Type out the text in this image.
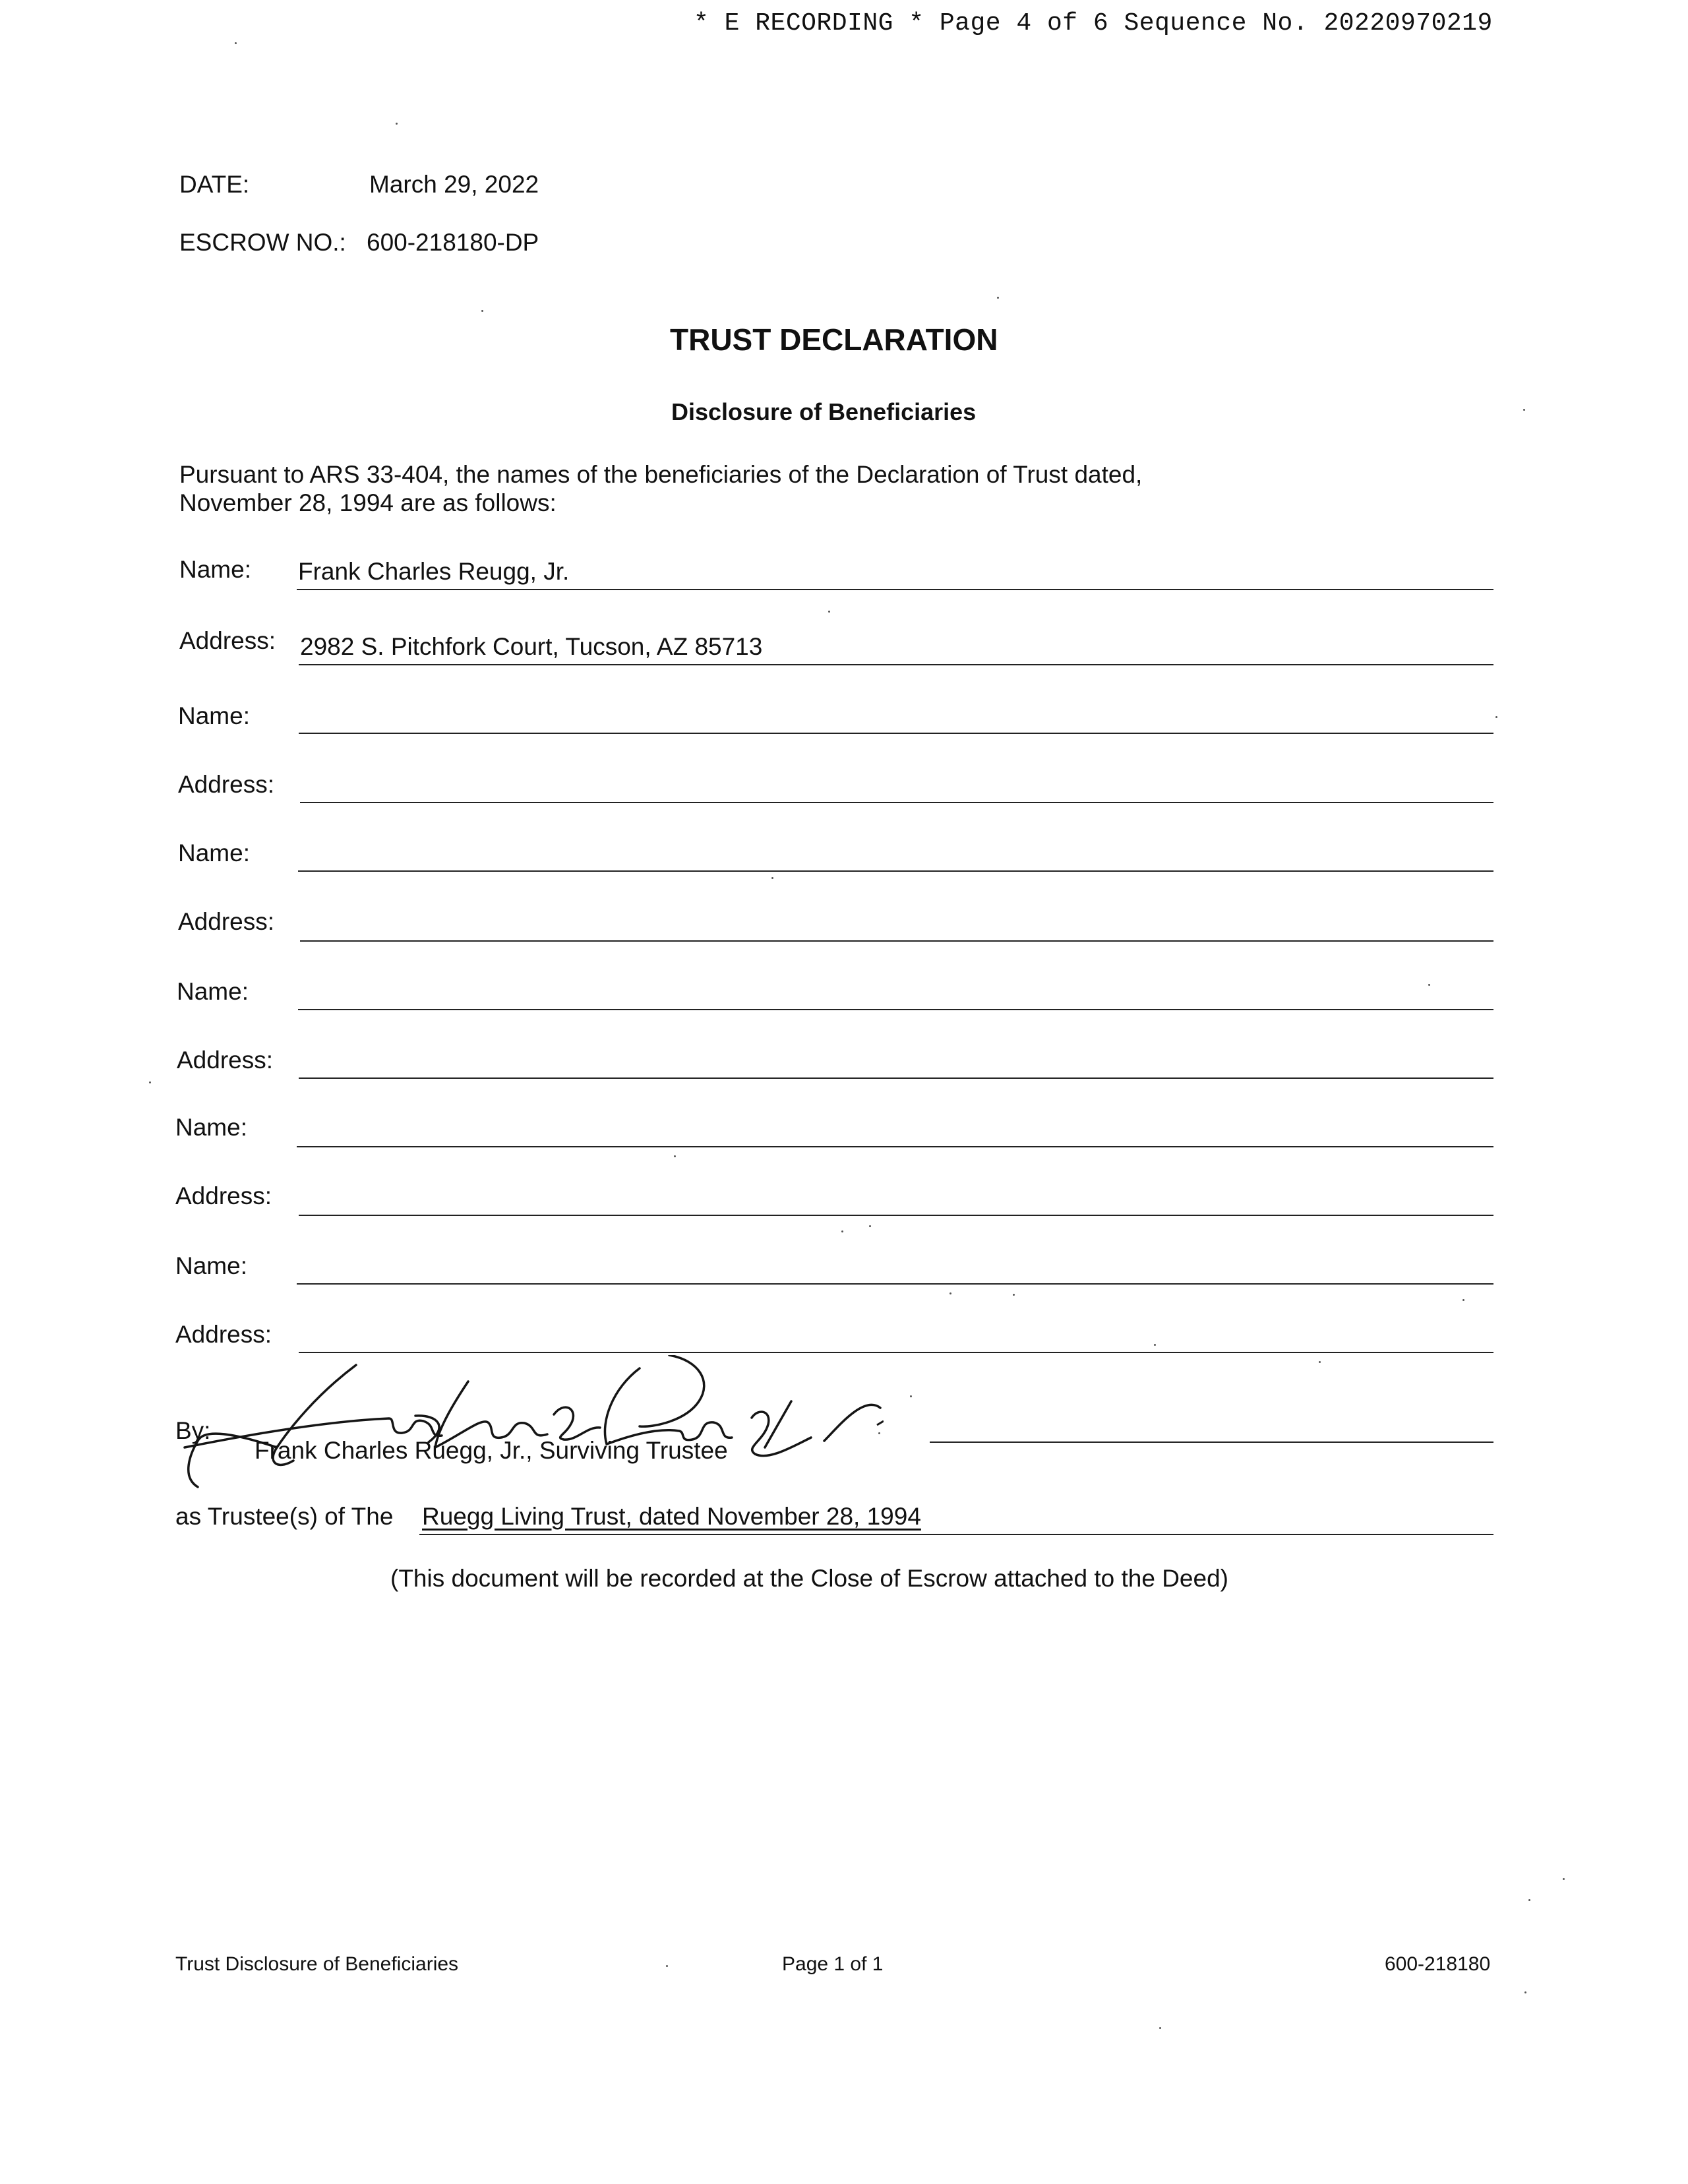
* E RECORDING * Page 4 of 6 Sequence No. 20220970219
DATE:	March 29, 2022
ESCROW NO.: 600-218180-DP
TRUST DECLARATION
Disclosure of Beneficiaries
Pursuant to ARS 33-404, the names of the beneficiaries of the Declaration of Trust dated,
November 28, 1994 are as follows:
Name: Frank Charles Reugg, Jr.
Address: 2982 S. Pitchfork Court, Tucson, AZ 85713
Name:
Address:
Name:
Address:
Name:
Address:
Name:
Address:
Name:
Address:
By:
Frank Charles Ruegg, Jr., Surviving Trustee
as Trustee(s) of The Ruegg Living Trust, dated November 28, 1994
(This document will be recorded at the Close of Escrow attached to the Deed)
Trust Disclosure of Beneficiaries	Page 1 of 1	600-218180
